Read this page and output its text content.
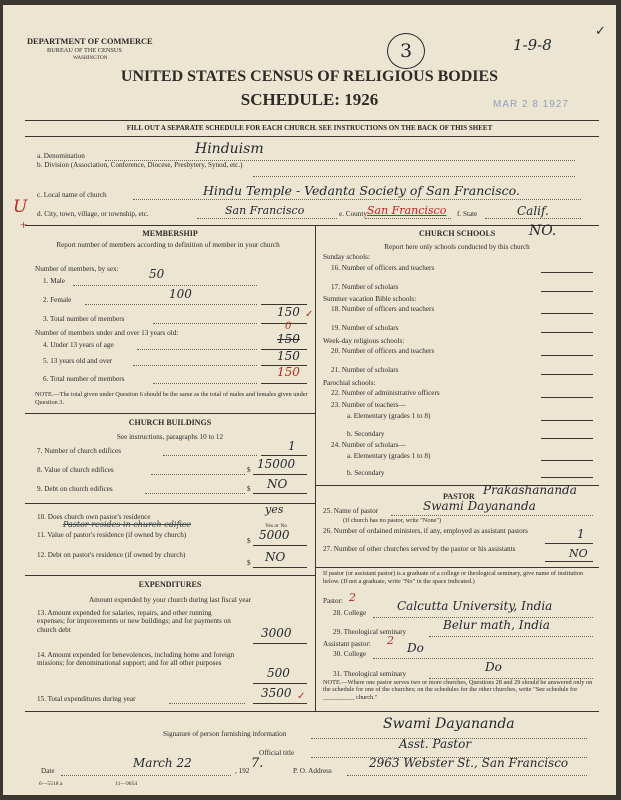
DEPARTMENT OF COMMERCE
BUREAU OF THE CENSUS
WASHINGTON	3	1-9-8
✓
MAR 2 8 1927
UNITED STATES CENSUS OF RELIGIOUS BODIES
SCHEDULE: 1926
FILL OUT A SEPARATE SCHEDULE FOR EACH CHURCH. SEE INSTRUCTIONS ON THE BACK OF THIS SHEET
a. Denomination	Hinduism
b. Division (Association, Conference, Diocese, Presbytery, Synod, etc.)
c. Local name of church	Hindu Temple - Vedanta Society of San Francisco.
U
+
d. City, town, village, or township, etc.	San Francisco	e. County San Francisco f. State	Calif.
MEMBERSHIP
Report number of members according to definition of member in your church
Number of members, by sex:
1. Male	50
2. Female	100
3. Total number of members	150 ✓
Number of members under and over 13 years old:
0
4. Under 13 years of age	150
5. 13 years old and over	150
6. Total number of members	150
NOTE.—The total given under Question 6 should be the same as the total of males and females given under Question 3.
CHURCH BUILDINGS
See instructions, paragraphs 10 to 12
7. Number of church edifices	1
8. Value of church edifices	$ 15000
9. Debt on church edifices	$ NO
10. Does church own pastor's residence
yes
Pastor resides in church edifice	Yes or No
11. Value of pastor's residence (if owned by church)
$ 5000
12. Debt on pastor's residence (if owned by church)
$ NO
EXPENDITURES
Amount expended by your church during last fiscal year
13. Amount expended for salaries, repairs, and other running expenses; for improvements or new buildings; and for payments on church debt	3000
14. Amount expended for benevolences, including home and foreign missions; for denominational support; and for all other purposes
500
15. Total expenditures during year	3500 ✓
CHURCH SCHOOLS NO.
Report here only schools conducted by this church
Sunday schools:
16. Number of officers and teachers
17. Number of scholars
Summer vacation Bible schools:
18. Number of officers and teachers
19. Number of scholars
Week-day religious schools:
20. Number of officers and teachers
21. Number of scholars
Parochial schools:
22. Number of administrative officers
23. Number of teachers—
a. Elementary (grades 1 to 8)
b. Secondary
24. Number of scholars—
a. Elementary (grades 1 to 8)
b. Secondary
PASTOR Prakashananda
25. Name of pastor	Swami Dayananda
(If church has no pastor, write "None")
26. Number of ordained ministers, if any, employed as assistant pastors	1
27. Number of other churches served by the pastor or his assistants	NO
If pastor (or assistant pastor) is a graduate of a college or theological seminary, give name of institution below. (If not a graduate, write "No" in the space indicated.)
Pastor: 2
28. College	Calcutta University, India
29. Theological seminary	Belur math, India
Assistant pastor: 2
30. College	Do
31. Theological seminary	Do
NOTE.—Where one pastor serves two or more churches, Questions 28 and 29 should be answered only on the schedule for one of the churches; on the schedules for the other churches, write "See schedule for __________ church."
Signature of person furnishing information
Swami Dayananda
Official title
Asst. Pastor
Date
March 22
, 192 7.	P. O. Address
2963 Webster St., San Francisco
6—5518 a	11—9054
